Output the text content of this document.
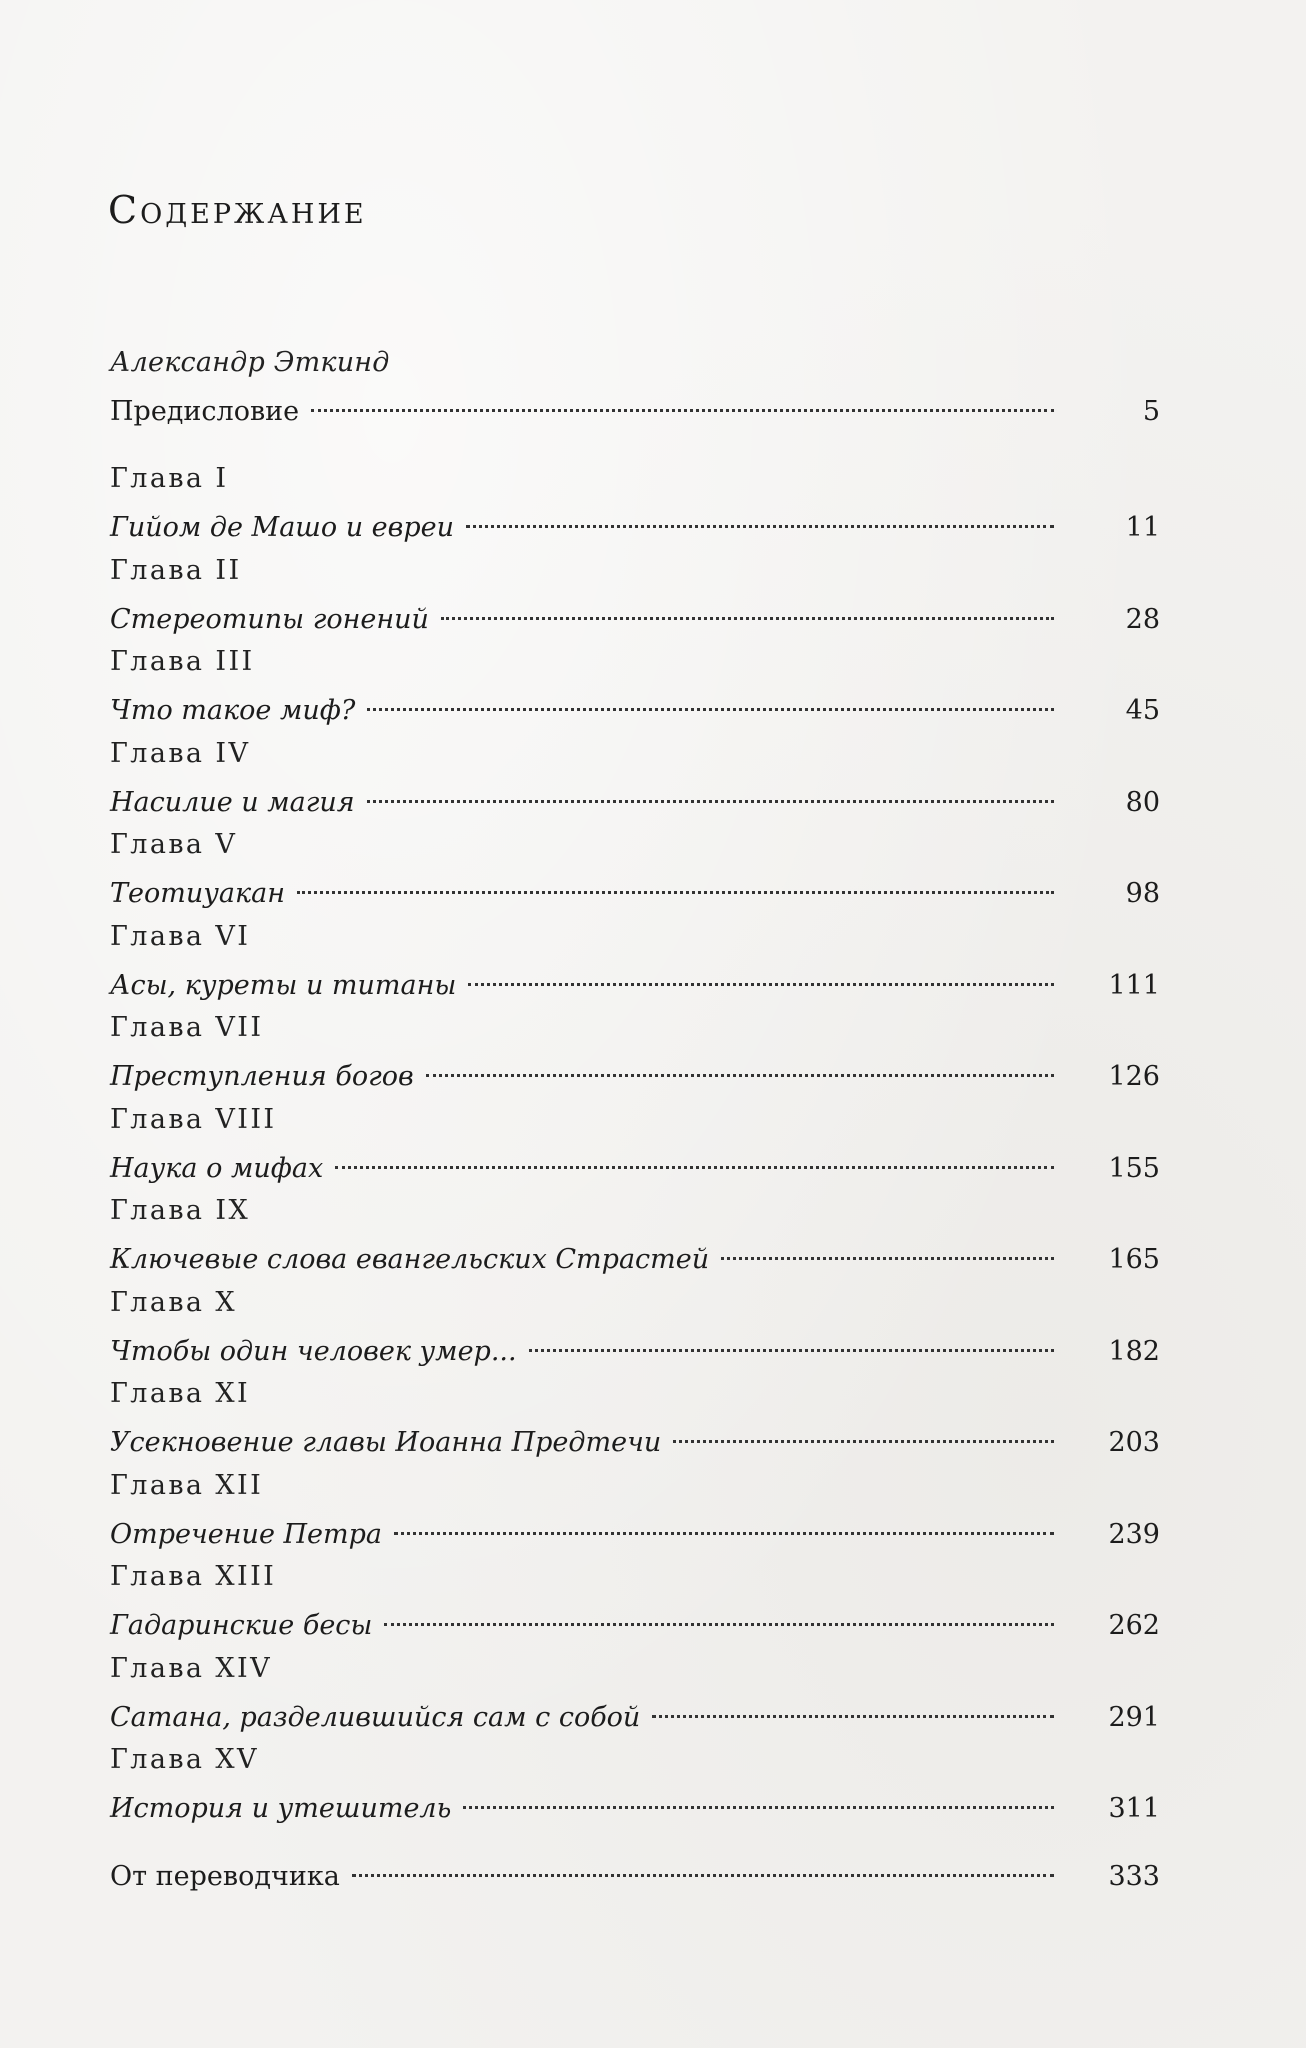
Содержание
Александр Эткинд
Предисловие	5
Глава I
Гийом де Машо и евреи	11
Глава II
Стереотипы гонений	28
Глава III
Что такое миф?	45
Глава IV
Насилие и магия	80
Глава V
Теотиуакан	98
Глава VI
Асы, куреты и титаны	111
Глава VII
Преступления богов	126
Глава VIII
Наука о мифах	155
Глава IX
Ключевые слова евангельских Страстей	165
Глава X
Чтобы один человек умер...	182
Глава XI
Усекновение главы Иоанна Предтечи	203
Глава XII
Отречение Петра	239
Глава XIII
Гадаринские бесы	262
Глава XIV
Сатана, разделившийся сам с собой	291
Глава XV
История и утешитель	311
От переводчика	333
